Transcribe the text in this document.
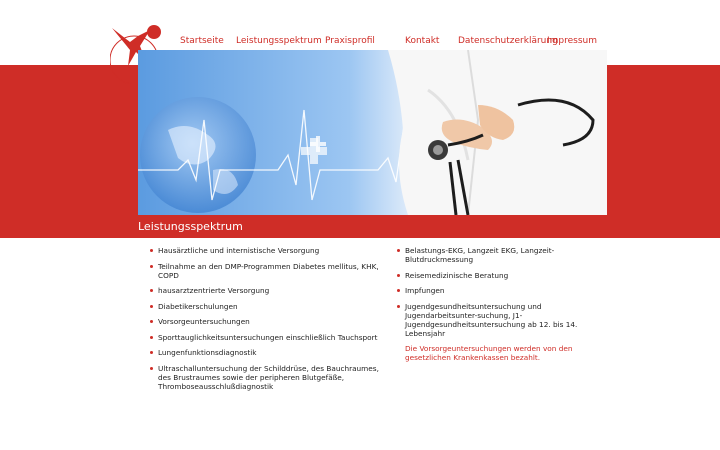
Startseite Leistungsspektrum Praxisprofil	Kontakt Datenschutzerklärung
Impressum
Leistungsspektrum
Hausärztliche und internistische Versorgung
Teilnahme an den DMP-Programmen Diabetes mellitus, KHK, COPD
hausarztzentrierte Versorgung
Diabetikerschulungen
Vorsorgeuntersuchungen
Sporttauglichkeitsuntersuchungen einschließlich Tauchsport
Lungenfunktionsdiagnostik
Ultraschalluntersuchung der Schilddrüse, des Bauchraumes, des Brustraumes sowie der peripheren Blutgefäße, Thromboseausschlußdiagnostik
Belastungs-EKG, Langzeit EKG, Langzeit-Blutdruckmessung
Reisemedizinische Beratung
Impfungen
Jugendgesundheitsuntersuchung und Jugendarbeitsunter-suchung, J1-Jugendgesundheitsuntersuchung ab 12. bis 14. Lebensjahr
Die Vorsorgeuntersuchungen werden von den gesetzlichen Krankenkassen bezahlt.
